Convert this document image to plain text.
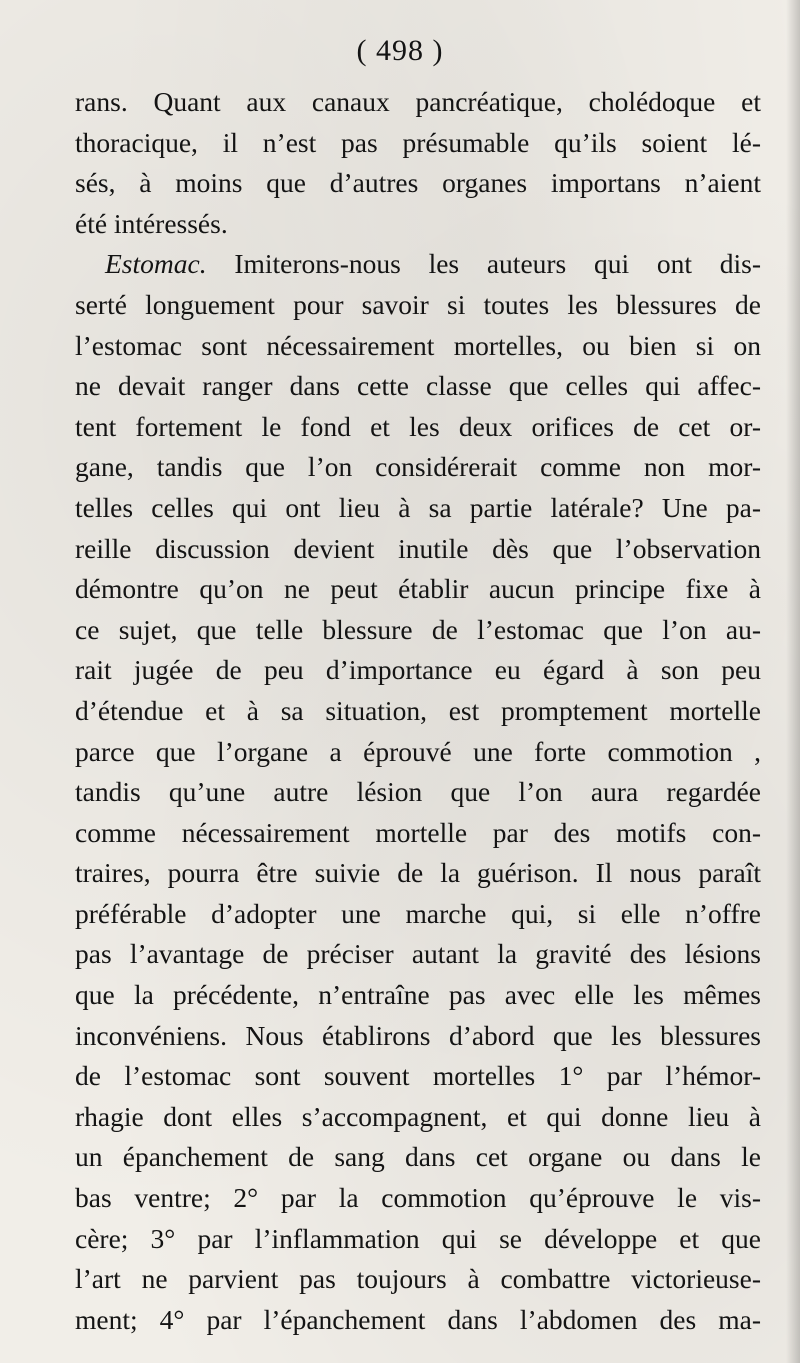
( 498 )
rans. Quant aux canaux pancréatique, cholédoque et
thoracique, il n’est pas présumable qu’ils soient lé-
sés, à moins que d’autres organes importans n’aient
été intéressés.
Estomac. Imiterons-nous les auteurs qui ont dis-
serté longuement pour savoir si toutes les blessures de
l’estomac sont nécessairement mortelles, ou bien si on
ne devait ranger dans cette classe que celles qui affec-
tent fortement le fond et les deux orifices de cet or-
gane, tandis que l’on considérerait comme non mor-
telles celles qui ont lieu à sa partie latérale? Une pa-
reille discussion devient inutile dès que l’observation
démontre qu’on ne peut établir aucun principe fixe à
ce sujet, que telle blessure de l’estomac que l’on au-
rait jugée de peu d’importance eu égard à son peu
d’étendue et à sa situation, est promptement mortelle
parce que l’organe a éprouvé une forte commotion ,
tandis qu’une autre lésion que l’on aura regardée
comme nécessairement mortelle par des motifs con-
traires, pourra être suivie de la guérison. Il nous paraît
préférable d’adopter une marche qui, si elle n’offre
pas l’avantage de préciser autant la gravité des lésions
que la précédente, n’entraîne pas avec elle les mêmes
inconvéniens. Nous établirons d’abord que les blessures
de l’estomac sont souvent mortelles 1° par l’hémor-
rhagie dont elles s’accompagnent, et qui donne lieu à
un épanchement de sang dans cet organe ou dans le
bas ventre; 2° par la commotion qu’éprouve le vis-
cère; 3° par l’inflammation qui se développe et que
l’art ne parvient pas toujours à combattre victorieuse-
ment; 4° par l’épanchement dans l’abdomen des ma-
